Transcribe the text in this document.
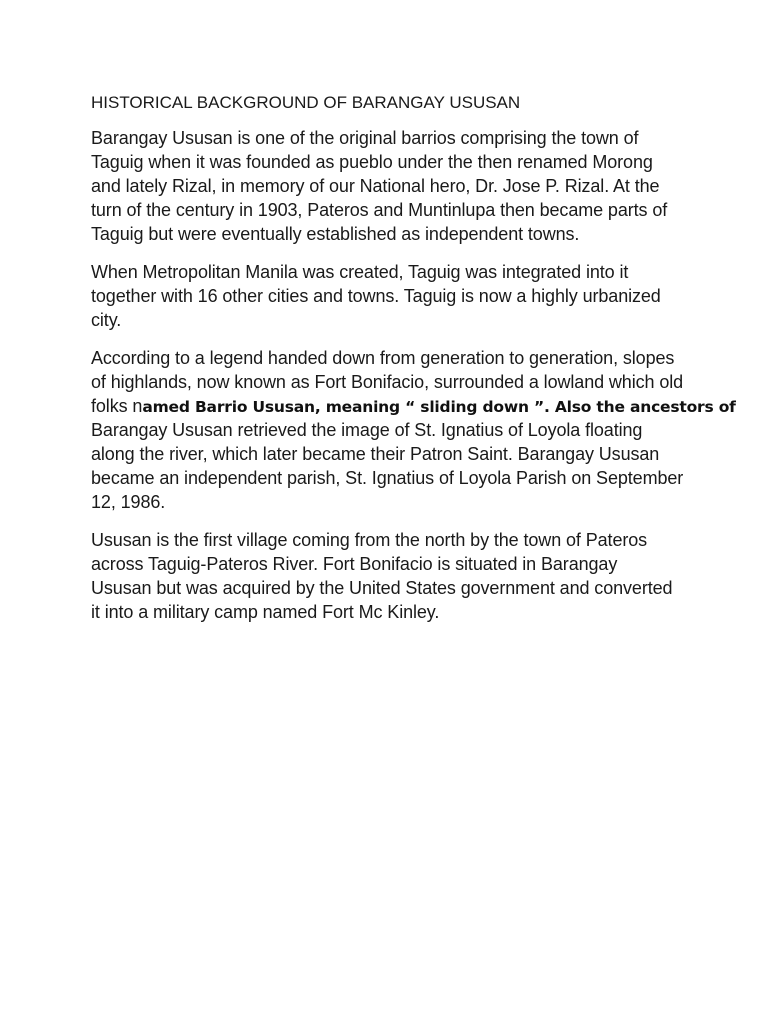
HISTORICAL BACKGROUND OF BARANGAY USUSAN
Barangay Ususan is one of the original barrios comprising the town of
Taguig when it was founded as pueblo under the then renamed Morong
and lately Rizal, in memory of our National hero, Dr. Jose P. Rizal. At the
turn of the century in 1903, Pateros and Muntinlupa then became parts of
Taguig but were eventually established as independent towns.
When Metropolitan Manila was created, Taguig was integrated into it
together with 16 other cities and towns. Taguig is now a highly urbanized
city.
According to a legend handed down from generation to generation, slopes
of highlands, now known as Fort Bonifacio, surrounded a lowland which old
folks named Barrio Ususan, meaning “ sliding down ”. Also the ancestors of
Barangay Ususan retrieved the image of St. Ignatius of Loyola floating
along the river, which later became their Patron Saint. Barangay Ususan
became an independent parish, St. Ignatius of Loyola Parish on September
12, 1986.
Ususan is the first village coming from the north by the town of Pateros
across Taguig-Pateros River. Fort Bonifacio is situated in Barangay
Ususan but was acquired by the United States government and converted
it into a military camp named Fort Mc Kinley.
